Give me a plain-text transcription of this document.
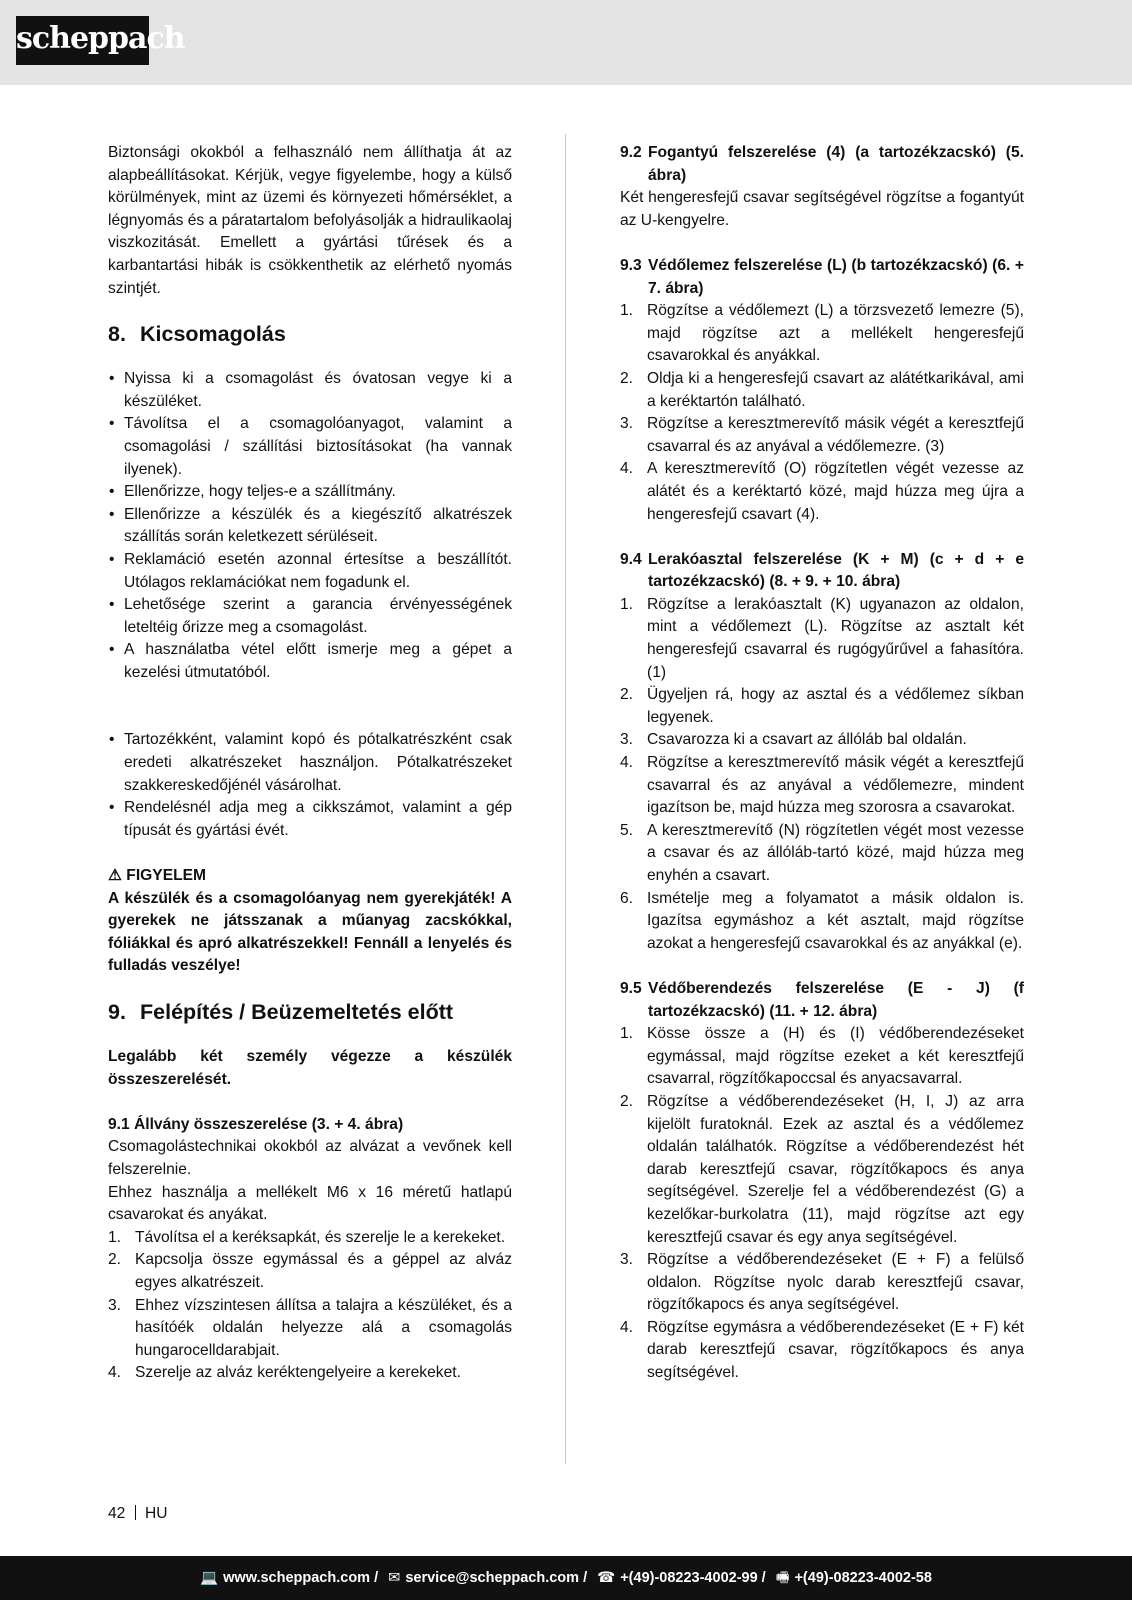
scheppach

Biztonsági okokból a felhasználó nem állíthatja át az alapbeállításokat. Kérjük, vegye figyelembe, hogy a külső körülmények, mint az üzemi és környezeti hőmérséklet, a légnyomás és a páratartalom befolyásolják a hidraulikaolaj viszkozitását. Emellett a gyártási tűrések és a karbantartási hibák is csökkenthetik az elérhető nyomás szintjét.

8. Kicsomagolás
• Nyissa ki a csomagolást és óvatosan vegye ki a készüléket.
• Távolítsa el a csomagolóanyagot, valamint a csomagolási / szállítási biztosításokat (ha vannak ilyenek).
• Ellenőrizze, hogy teljes-e a szállítmány.
• Ellenőrizze a készülék és a kiegészítő alkatrészek szállítás során keletkezett sérüléseit.
• Reklamáció esetén azonnal értesítse a beszállítót. Utólagos reklamációkat nem fogadunk el.
• Lehetősége szerint a garancia érvényességének leteltéig őrizze meg a csomagolást.
• A használatba vétel előtt ismerje meg a gépet a kezelési útmutatóból.
• Tartozékként, valamint kopó és pótalkatrészként csak eredeti alkatrészeket használjon. Pótalkatrészeket szakkereskedőjénél vásárolhat.
• Rendelésnél adja meg a cikkszámot, valamint a gép típusát és gyártási évét.

⚠ FIGYELEM

A készülék és a csomagolóanyag nem gyerekjáték! A gyerekek ne játsszanak a műanyag zacskókkal, fóliákkal és apró alkatrészekkel! Fennáll a lenyelés és fulladás veszélye!

9. Felépítés / Beüzemeltetés előtt

Legalább két személy végezze a készülék összeszerelését.

9.1 Állvány összeszerelése (3. + 4. ábra)

Csomagolástechnikai okokból az alvázat a vevőnek kell felszerelnie.

Ehhez használja a mellékelt M6 x 16 méretű hatlapú csavarokat és anyákat.

1. Távolítsa el a keréksapkát, és szerelje le a kerekeket.
2. Kapcsolja össze egymással és a géppel az alváz egyes alkatrészeit.
3. Ehhez vízszintesen állítsa a talajra a készüléket, és a hasítóék oldalán helyezze alá a csomagolás hungarocelldarabjait.
4. Szerelje az alváz keréktengelyeire a kerekeket.

9.2 Fogantyú felszerelése (4) (a tartozékzacskó) (5. ábra)

Két hengeresfejű csavar segítségével rögzítse a fogantyút az U-kengyelre.

9.3 Védőlemez felszerelése (L) (b tartozékzacskó) (6. + 7. ábra)

1. Rögzítse a védőlemezt (L) a törzsvezető lemezre (5), majd rögzítse azt a mellékelt hengeresfejű csavarokkal és anyákkal.
2. Oldja ki a hengeresfejű csavart az alátétkarikával, ami a keréktartón található.
3. Rögzítse a keresztmerevítő másik végét a keresztfejű csavarral és az anyával a védőlemezre. (3)
4. A keresztmerevítő (O) rögzítetlen végét vezesse az alátét és a keréktartó közé, majd húzza meg újra a hengeresfejű csavart (4).

9.4 Lerakóasztal felszerelése (K + M) (c + d + e tartozékzacskó) (8. + 9. + 10. ábra)

1. Rögzítse a lerakóasztalt (K) ugyanazon az oldalon, mint a védőlemezt (L). Rögzítse az asztalt két hengeresfejű csavarral és rugógyűrűvel a fahasítóra. (1)
2. Ügyeljen rá, hogy az asztal és a védőlemez síkban legyenek.
3. Csavarozza ki a csavart az állóláb bal oldalán.
4. Rögzítse a keresztmerevítő másik végét a keresztfejű csavarral és az anyával a védőlemezre, mindent igazítson be, majd húzza meg szorosra a csavarokat.
5. A keresztmerevítő (N) rögzítetlen végét most vezesse a csavar és az állóláb-tartó közé, majd húzza meg enyhén a csavart.
6. Ismételje meg a folyamatot a másik oldalon is. Igazítsa egymáshoz a két asztalt, majd rögzítse azokat a hengeresfejű csavarokkal és az anyákkal (e).

9.5 Védőberendezés felszerelése (E - J) (f tartozékzacskó) (11. + 12. ábra)

1. Kösse össze a (H) és (I) védőberendezéseket egymással, majd rögzítse ezeket a két keresztfejű csavarral, rögzítőkapoccsal és anyacsavarral.
2. Rögzítse a védőberendezéseket (H, I, J) az arra kijelölt furatoknál. Ezek az asztal és a védőlemez oldalán találhatók. Rögzítse a védőberendezést hét darab keresztfejű csavar, rögzítőkapocs és anya segítségével. Szerelje fel a védőberendezést (G) a kezelőkar-burkolatra (11), majd rögzítse azt egy keresztfejű csavar és egy anya segítségével.
3. Rögzítse a védőberendezéseket (E + F) a felülső oldalon. Rögzítse nyolc darab keresztfejű csavar, rögzítőkapocs és anya segítségével.
4. Rögzítse egymásra a védőberendezéseket (E + F) két darab keresztfejű csavar, rögzítőkapocs és anya segítségével.
42 HU
💻 www.scheppach.com / ✉ service@scheppach.com / ☎ +(49)-08223-4002-99 / 🖷 +(49)-08223-4002-58
